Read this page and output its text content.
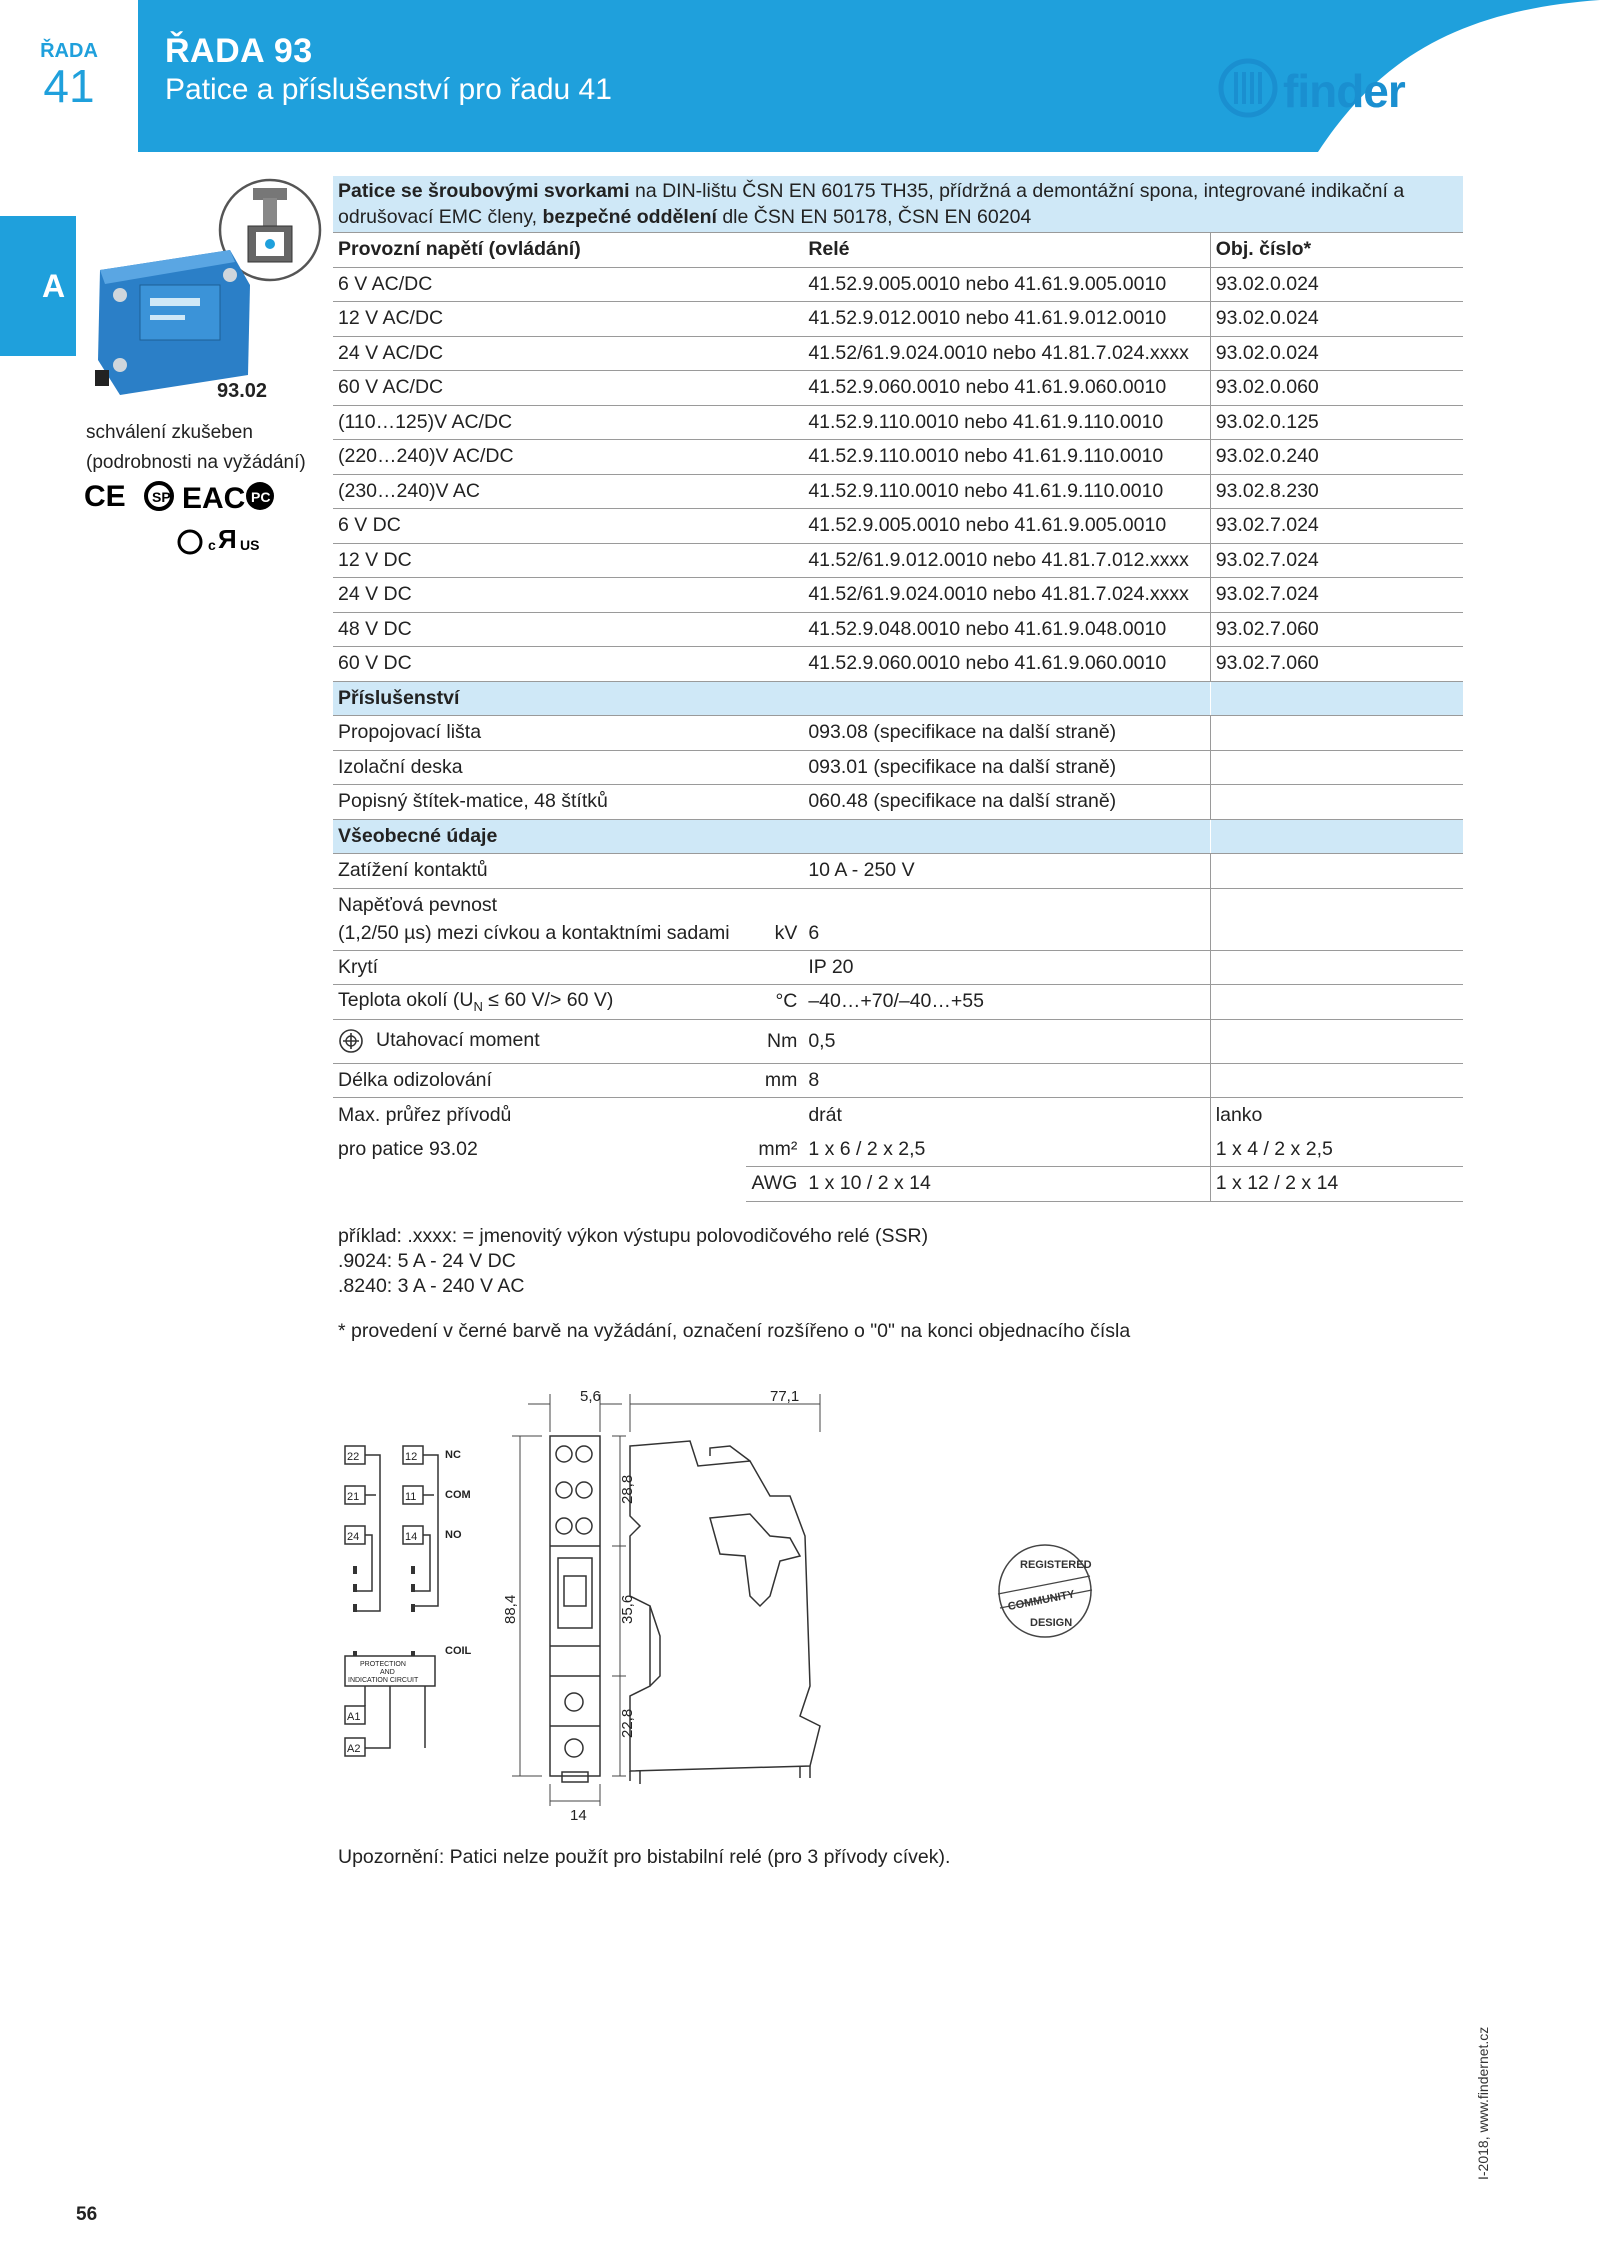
ŘADA
41
ŘADA 93
Patice a příslušenství pro řadu 41	finder
A
93.02
schválení zkušeben
(podrobnosti na vyžádání)
CE SP EAC PC
c Я US
Patice se šroubovými svorkami na DIN-lištu ČSN EN 60175 TH35, přídržná a demontážní spona, integrované indikační a odrušovací EMC členy, bezpečné oddělení dle ČSN EN 50178, ČSN EN 60204			
Provozní napětí (ovládání)		Relé	Obj. číslo*
6 V AC/DC		41.52.9.005.0010 nebo 41.61.9.005.0010	93.02.0.024
12 V AC/DC		41.52.9.012.0010 nebo 41.61.9.012.0010	93.02.0.024
24 V AC/DC		41.52/61.9.024.0010 nebo 41.81.7.024.xxxx	93.02.0.024
60 V AC/DC		41.52.9.060.0010 nebo 41.61.9.060.0010	93.02.0.060
(110…125)V AC/DC		41.52.9.110.0010 nebo 41.61.9.110.0010	93.02.0.125
(220…240)V AC/DC		41.52.9.110.0010 nebo 41.61.9.110.0010	93.02.0.240
(230…240)V AC		41.52.9.110.0010 nebo 41.61.9.110.0010	93.02.8.230
6 V DC		41.52.9.005.0010 nebo 41.61.9.005.0010	93.02.7.024
12 V DC		41.52/61.9.012.0010 nebo 41.81.7.012.xxxx	93.02.7.024
24 V DC		41.52/61.9.024.0010 nebo 41.81.7.024.xxxx	93.02.7.024
48 V DC		41.52.9.048.0010 nebo 41.61.9.048.0010	93.02.7.060
60 V DC		41.52.9.060.0010 nebo 41.61.9.060.0010	93.02.7.060
Příslušenství			
Propojovací lišta		093.08 (specifikace na další straně)	
Izolační deska		093.01 (specifikace na další straně)	
Popisný štítek-matice, 48 štítků		060.48 (specifikace na další straně)	
Všeobecné údaje			
Zatížení kontaktů		10 A - 250 V	

Napěťová pevnost
(1,2/50 µs) mezi cívkou a kontaktními sadami	kV	6	
Krytí		IP 20	
Teplota okolí ($U_N \le 60$ V/> 60 V)	°C	–40…+70/–40…+55	
Utahovací moment	Nm	0,5	
Délka odizolování	mm	8	
Max. průřez přívodů		drát	lanko
pro patice 93.02	mm²	1 x 6 / 2 x 2,5	1 x 4 / 2 x 2,5
	AWG	1 x 10 / 2 x 14	1 x 12 / 2 x 14
příklad: .xxxx: = jmenovitý výkon výstupu polovodičového relé (SSR)
.9024: 5 A - 24 V DC
.8240: 3 A - 240 V AC
* provedení v černé barvě na vyžádání, označení rozšířeno o "0" na konci objednacího čísla
22	12
21	11
24	14
A1
A2
NC
COM
NO
COIL
PROTECTION
AND
INDICATION CIRCUIT
5,6	77,1
14
88,4
28,8
35,6
22,8
REGISTERED
COMMUNITY
DESIGN
Upozornění: Patici nelze použít pro bistabilní relé (pro 3 přívody cívek).
56
I-2018, www.findernet.cz
